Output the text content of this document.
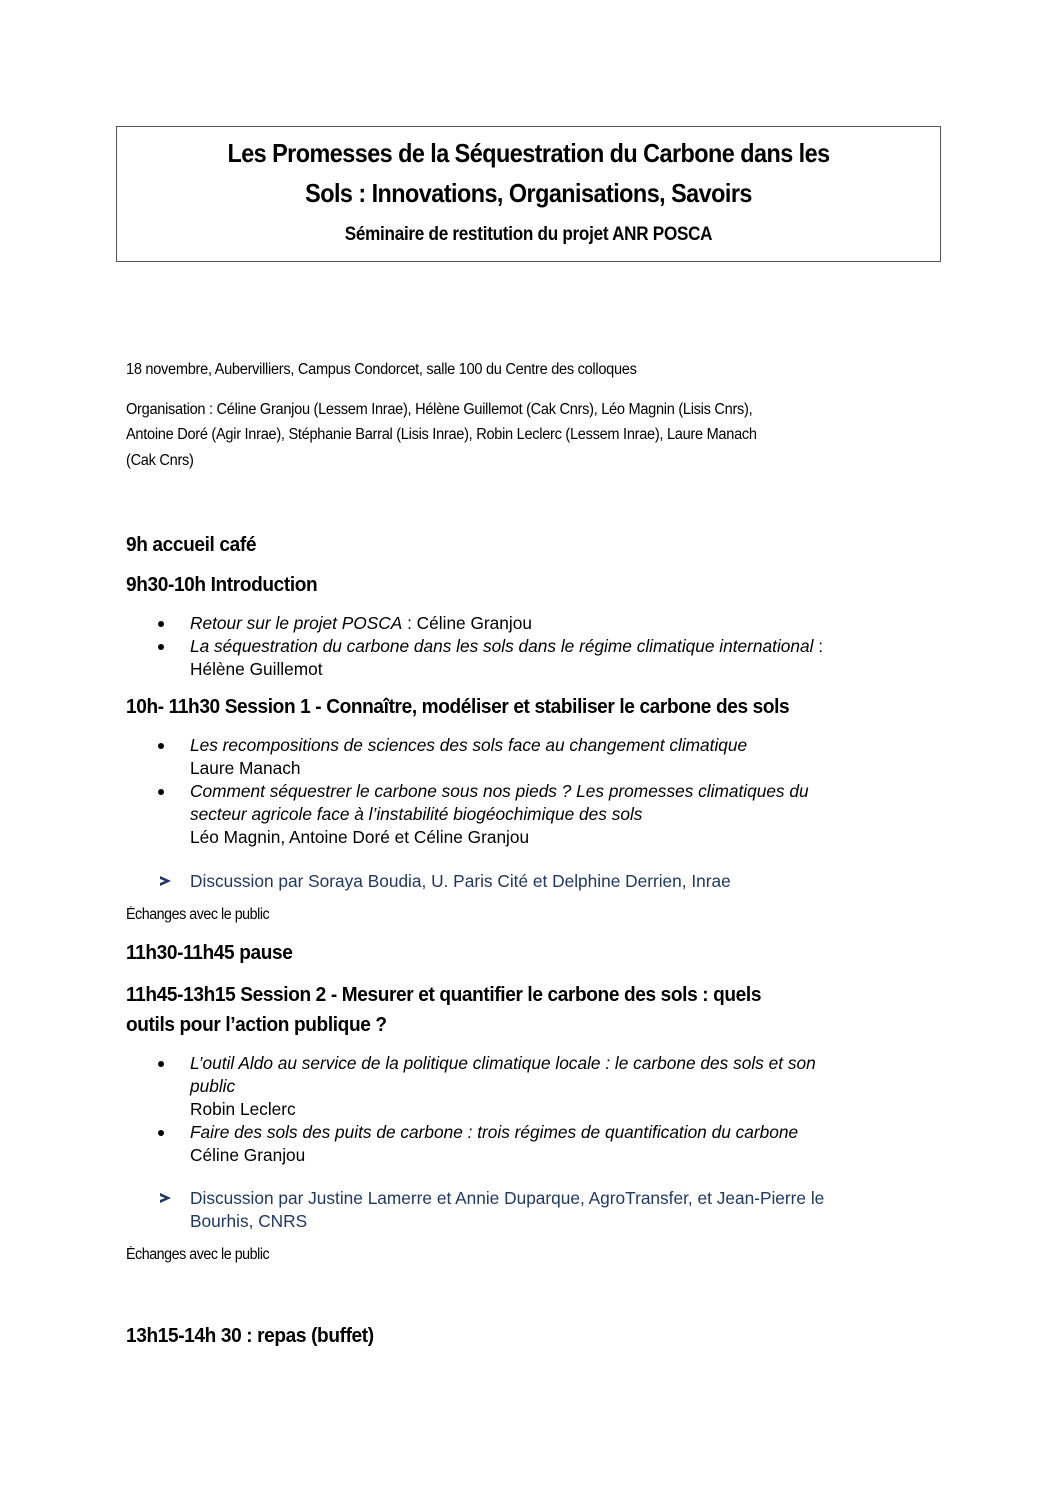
Les Promesses de la Séquestration du Carbone dans les
Sols : Innovations, Organisations, Savoirs
Séminaire de restitution du projet ANR POSCA
18 novembre, Aubervilliers, Campus Condorcet, salle 100 du Centre des colloques
Organisation : Céline Granjou (Lessem Inrae), Hélène Guillemot (Cak Cnrs), Léo Magnin (Lisis Cnrs),
Antoine Doré (Agir Inrae), Stéphanie Barral (Lisis Inrae), Robin Leclerc (Lessem Inrae), Laure Manach
(Cak Cnrs)
9h accueil café
9h30-10h Introduction
Retour sur le projet POSCA : Céline Granjou
La séquestration du carbone dans les sols dans le régime climatique international :
Hélène Guillemot
10h- 11h30 Session 1 - Connaître, modéliser et stabiliser le carbone des sols
Les recompositions de sciences des sols face au changement climatique
Laure Manach
Comment séquestrer le carbone sous nos pieds ? Les promesses climatiques du
secteur agricole face à l’instabilité biogéochimique des sols
Léo Magnin, Antoine Doré et Céline Granjou
Discussion par Soraya Boudia, U. Paris Cité et Delphine Derrien, Inrae
Échanges avec le public
11h30-11h45 pause
11h45-13h15 Session 2 - Mesurer et quantifier le carbone des sols : quels
outils pour l’action publique ?
L’outil Aldo au service de la politique climatique locale : le carbone des sols et son
public
Robin Leclerc
Faire des sols des puits de carbone : trois régimes de quantification du carbone
Céline Granjou
Discussion par Justine Lamerre et Annie Duparque, AgroTransfer, et Jean-Pierre le
Bourhis, CNRS
Échanges avec le public
13h15-14h 30 : repas (buffet)
